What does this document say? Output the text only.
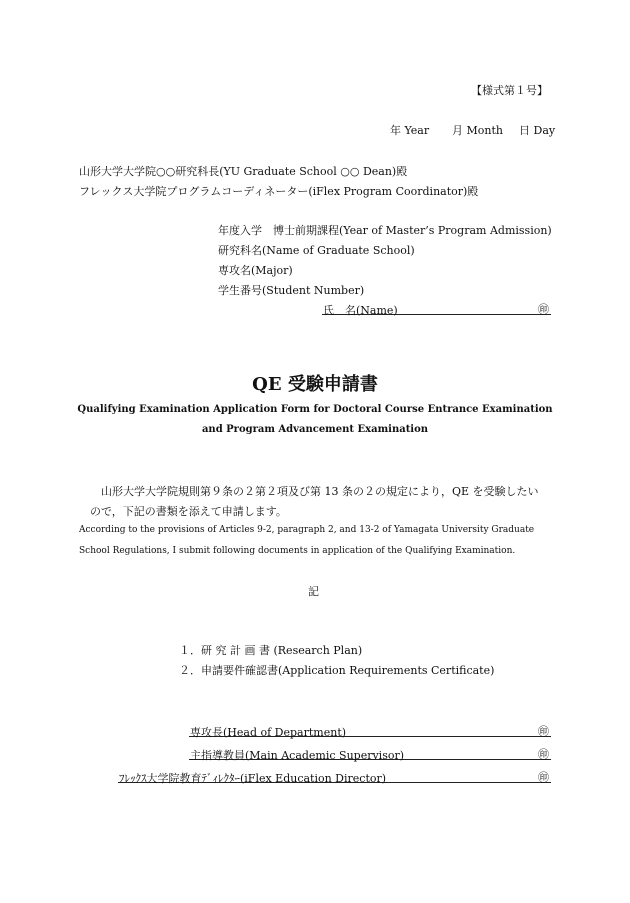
【様式第１号】
年 Year 月 Month 日 Day
山形大学大学院○○研究科長(YU Graduate School ○○ Dean)殿
フレックス大学院プログラムコーディネーター(iFlex Program Coordinator)殿
年度入学　博士前期課程(Year of Master’s Program Admission)
研究科名(Name of Graduate School)
専攻名(Major)
学生番号(Student Number)
氏　名(Name)	㊞
QE 受験申請書
Qualifying Examination Application Form for Doctoral Course Entrance Examination
and Program Advancement Examination
山形大学大学院規則第９条の２第２項及び第 13 条の２の規定により，QE を受験したい
ので，下記の書類を添えて申請します。
According to the provisions of Articles 9-2, paragraph 2, and 13-2 of Yamagata University Graduate
School Regulations, I submit following documents in application of the Qualifying Examination.
記
１．研 究 計 画 書 (Research Plan)
２．申請要件確認書(Application Requirements Certificate)
専攻長(Head of Department)	㊞
主指導教員(Main Academic Supervisor)	㊞
ﾌﾚｯｸｽ大学院教育ﾃﾞｨﾚｸﾀｰ(iFlex Education Director)	㊞
